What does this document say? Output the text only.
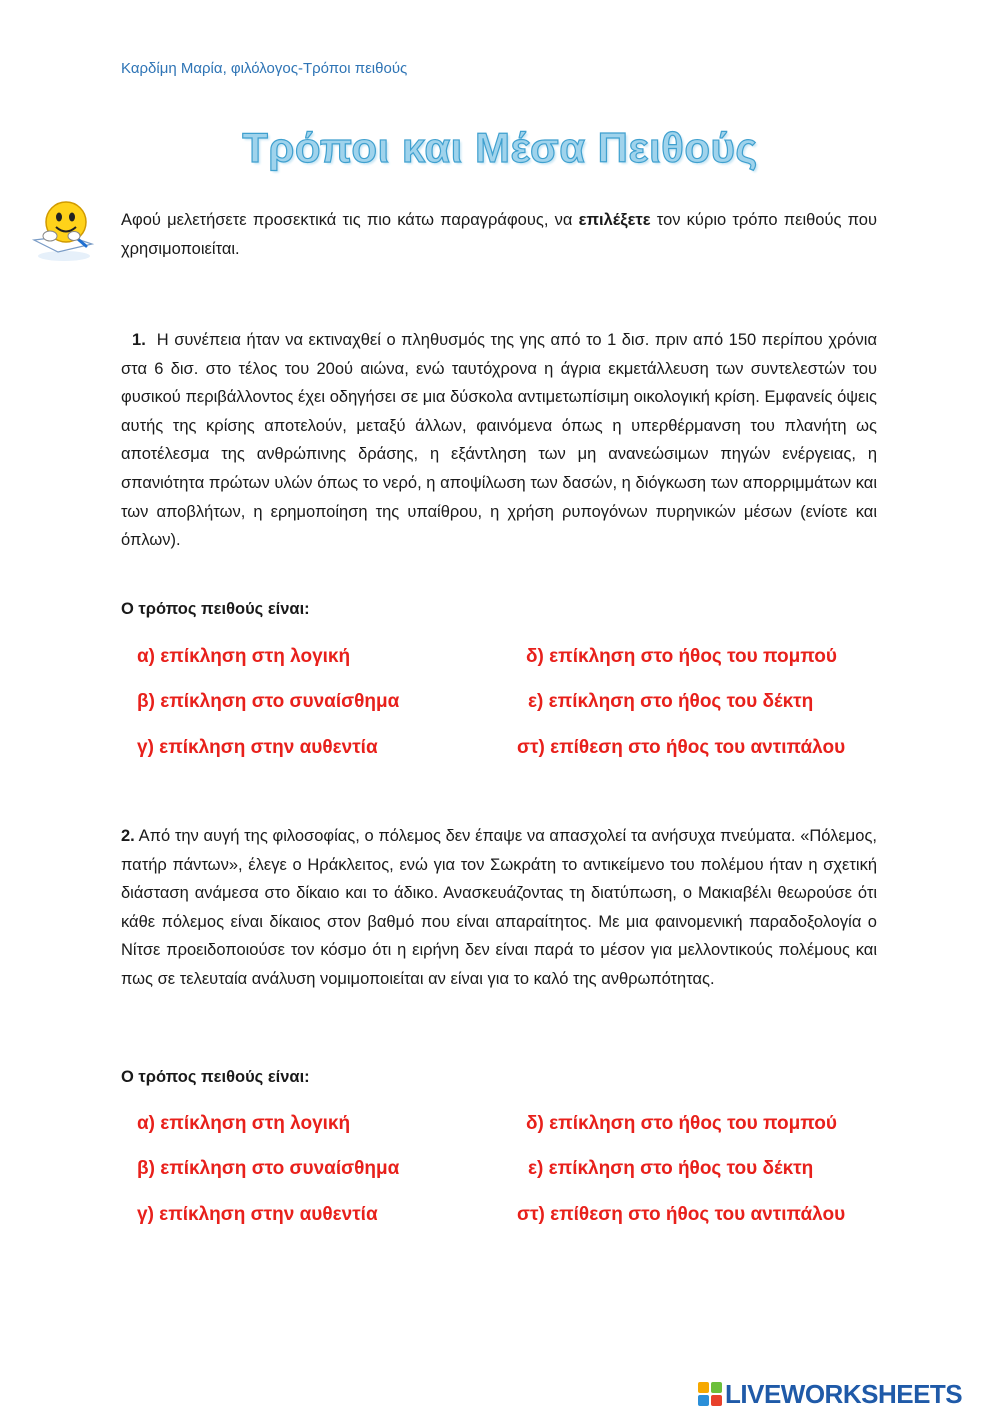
Καρδίμη Μαρία, φιλόλογος-Τρόποι πειθούς
Τρόποι και Μέσα Πειθούς
Αφού μελετήσετε προσεκτικά τις πιο κάτω παραγράφους, να επιλέξετε τον κύριο τρόπο πειθούς που χρησιμοποιείται.
1. Η συνέπεια ήταν να εκτιναχθεί ο πληθυσμός της γης από το 1 δισ. πριν από 150 περίπου χρόνια στα 6 δισ. στο τέλος του 20ού αιώνα, ενώ ταυτόχρονα η άγρια εκμετάλλευση των συντελεστών του φυσικού περιβάλλοντος έχει οδηγήσει σε μια δύσκολα αντιμετωπίσιμη οικολογική κρίση. Εμφανείς όψεις αυτής της κρίσης αποτελούν, μεταξύ άλλων, φαινόμενα όπως η υπερθέρμανση του πλανήτη ως αποτέλεσμα της ανθρώπινης δράσης, η εξάντληση των μη ανανεώσιμων πηγών ενέργειας, η σπανιότητα πρώτων υλών όπως το νερό, η αποψίλωση των δασών, η διόγκωση των απορριμμάτων και των αποβλήτων, η ερημοποίηση της υπαίθρου, η χρήση ρυπογόνων πυρηνικών μέσων (ενίοτε και όπλων).
Ο τρόπος πειθούς είναι:
α) επίκληση στη λογική
β) επίκληση στο συναίσθημα
γ) επίκληση στην αυθεντία
δ) επίκληση στο ήθος του πομπού
ε) επίκληση στο ήθος του δέκτη
στ) επίθεση στο ήθος του αντιπάλου
2. Από την αυγή της φιλοσοφίας, ο πόλεμος δεν έπαψε να απασχολεί τα ανήσυχα πνεύματα. «Πόλεμος, πατήρ πάντων», έλεγε ο Ηράκλειτος, ενώ για τον Σωκράτη το αντικείμενο του πολέμου ήταν η σχετική διάσταση ανάμεσα στο δίκαιο και το άδικο. Ανασκευάζοντας τη διατύπωση, ο Μακιαβέλι θεωρούσε ότι κάθε πόλεμος είναι δίκαιος στον βαθμό που είναι απαραίτητος. Με μια φαινομενική παραδοξολογία ο Νίτσε προειδοποιούσε τον κόσμο ότι η ειρήνη δεν είναι παρά το μέσον για μελλοντικούς πολέμους και πως σε τελευταία ανάλυση νομιμοποιείται αν είναι για το καλό της ανθρωπότητας.
Ο τρόπος πειθούς είναι:
α) επίκληση στη λογική
β) επίκληση στο συναίσθημα
γ) επίκληση στην αυθεντία
δ) επίκληση στο ήθος του πομπού
ε) επίκληση στο ήθος του δέκτη
στ) επίθεση στο ήθος του αντιπάλου
LIVEWORKSHEETS
